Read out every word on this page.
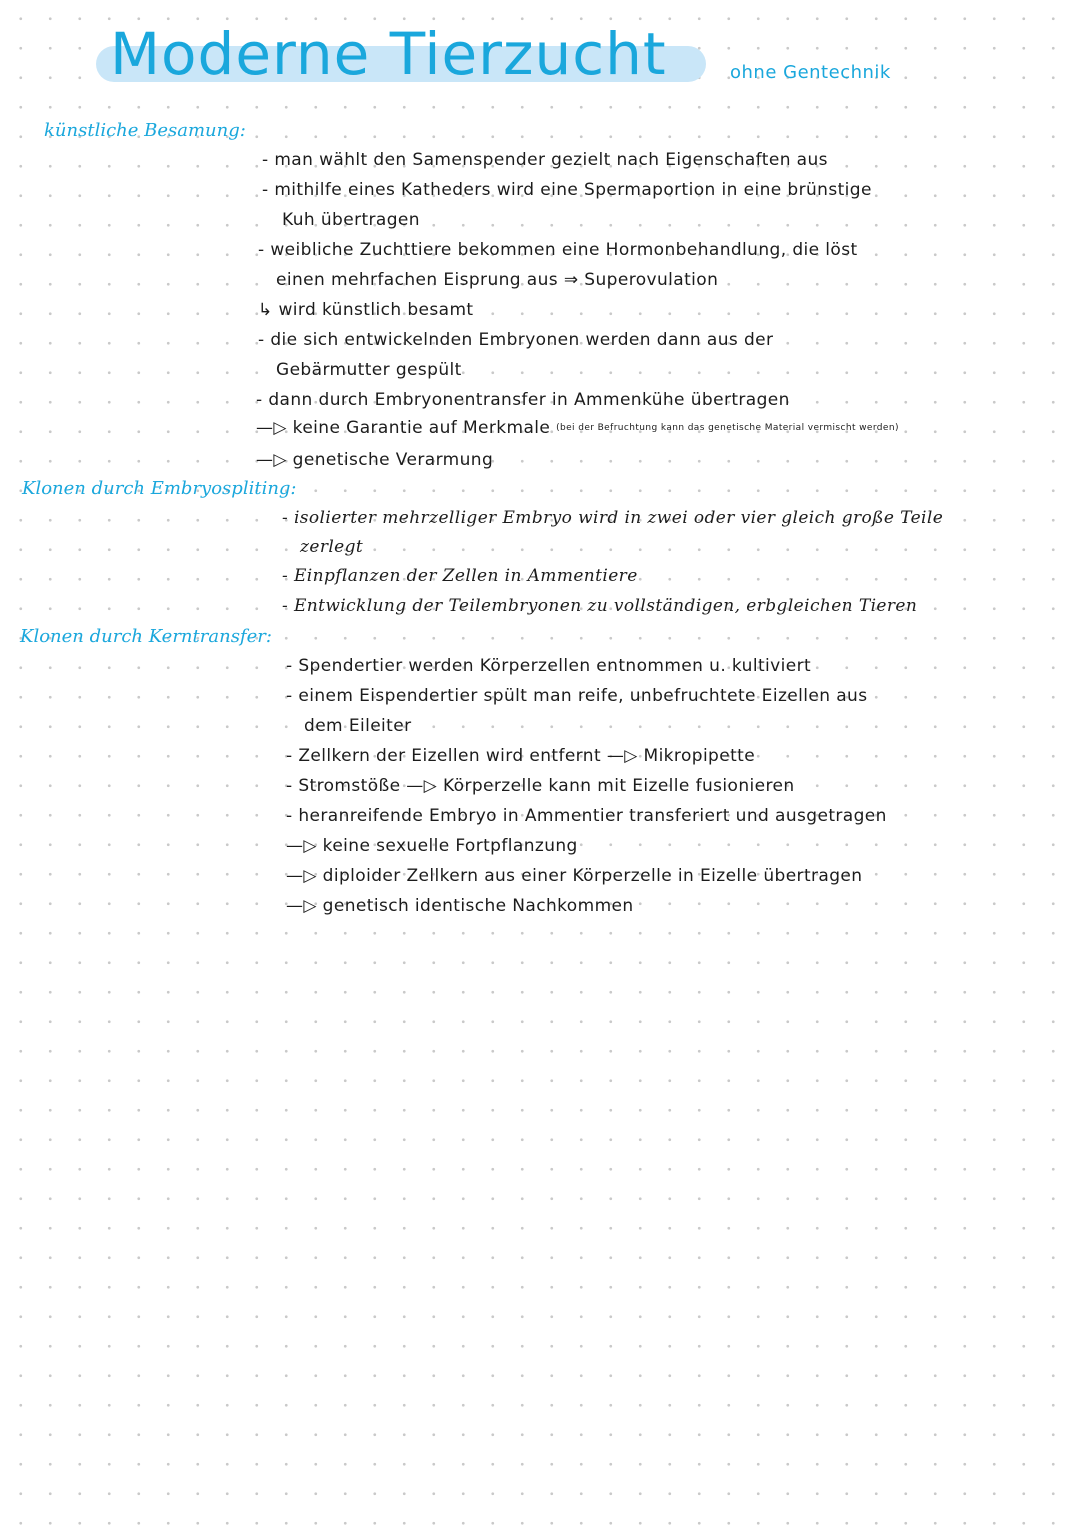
Moderne Tierzucht	ohne Gentechnik
künstliche Besamung:
- man wählt den Samenspender gezielt nach Eigenschaften aus
- mithilfe eines Katheders wird eine Spermaportion in eine brünstige
Kuh übertragen
- weibliche Zuchttiere bekommen eine Hormonbehandlung, die löst
einen mehrfachen Eisprung aus ⇒ Superovulation
↳ wird künstlich besamt
- die sich entwickelnden Embryonen werden dann aus der
Gebärmutter gespült
- dann durch Embryonentransfer in Ammenkühe übertragen
—▷ keine Garantie auf Merkmale (bei der Befruchtung kann das genetische Material vermischt werden)
—▷ genetische Verarmung
Klonen durch Embryospliting:
- isolierter mehrzelliger Embryo wird in zwei oder vier gleich große Teile
zerlegt
- Einpflanzen der Zellen in Ammentiere
- Entwicklung der Teilembryonen zu vollständigen, erbgleichen Tieren
Klonen durch Kerntransfer:
- Spendertier werden Körperzellen entnommen u. kultiviert
- einem Eispendertier spült man reife, unbefruchtete Eizellen aus
dem Eileiter
- Zellkern der Eizellen wird entfernt —▷ Mikropipette
- Stromstöße —▷ Körperzelle kann mit Eizelle fusionieren
- heranreifende Embryo in Ammentier transferiert und ausgetragen
—▷ keine sexuelle Fortpflanzung
—▷ diploider Zellkern aus einer Körperzelle in Eizelle übertragen
—▷ genetisch identische Nachkommen
